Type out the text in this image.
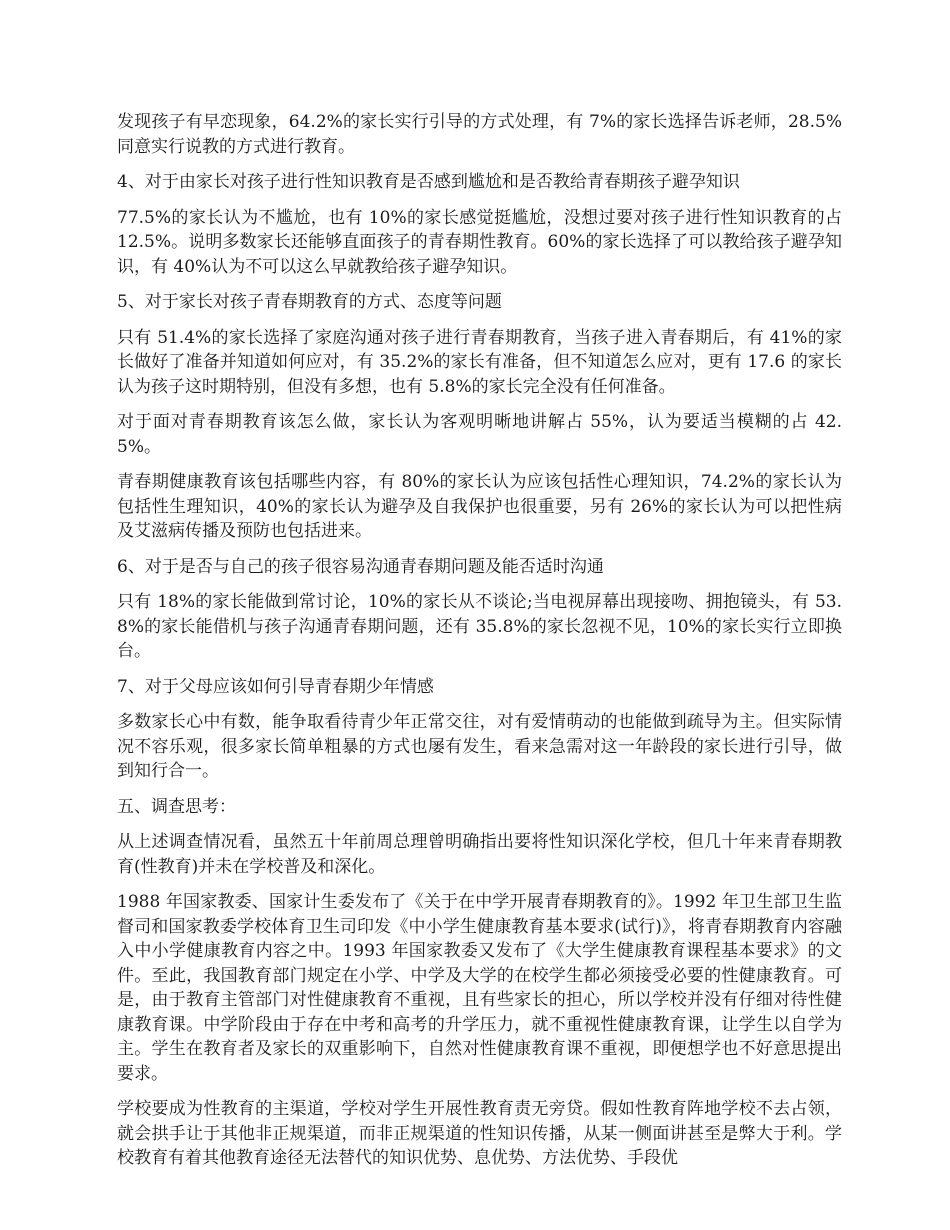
发现孩子有早恋现象，64.2%的家长实行引导的方式处理，有 7%的家长选择告诉老师，28.5%同意实行说教的方式进行教育。

4、对于由家长对孩子进行性知识教育是否感到尴尬和是否教给青春期孩子避孕知识

77.5%的家长认为不尴尬，也有 10%的家长感觉挺尴尬，没想过要对孩子进行性知识教育的占 12.5%。说明多数家长还能够直面孩子的青春期性教育。60%的家长选择了可以教给孩子避孕知识，有 40%认为不可以这么早就教给孩子避孕知识。

5、对于家长对孩子青春期教育的方式、态度等问题

只有 51.4%的家长选择了家庭沟通对孩子进行青春期教育，当孩子进入青春期后，有 41%的家长做好了准备并知道如何应对，有 35.2%的家长有准备，但不知道怎么应对，更有 17.6 的家长认为孩子这时期特别，但没有多想，也有 5.8%的家长完全没有任何准备。

对于面对青春期教育该怎么做，家长认为客观明晰地讲解占 55%，认为要适当模糊的占 42.5%。

青春期健康教育该包括哪些内容，有 80%的家长认为应该包括性心理知识，74.2%的家长认为包括性生理知识，40%的家长认为避孕及自我保护也很重要，另有 26%的家长认为可以把性病及艾滋病传播及预防也包括进来。

6、对于是否与自己的孩子很容易沟通青春期问题及能否适时沟通

只有 18%的家长能做到常讨论，10%的家长从不谈论;当电视屏幕出现接吻、拥抱镜头，有 53.8%的家长能借机与孩子沟通青春期问题，还有 35.8%的家长忽视不见，10%的家长实行立即换台。

7、对于父母应该如何引导青春期少年情感

多数家长心中有数，能争取看待青少年正常交往，对有爱情萌动的也能做到疏导为主。但实际情况不容乐观，很多家长简单粗暴的方式也屡有发生，看来急需对这一年龄段的家长进行引导，做到知行合一。

五、调查思考：

从上述调查情况看，虽然五十年前周总理曾明确指出要将性知识深化学校，但几十年来青春期教育(性教育)并未在学校普及和深化。

1988 年国家教委、国家计生委发布了《关于在中学开展青春期教育的》。1992 年卫生部卫生监督司和国家教委学校体育卫生司印发《中小学生健康教育基本要求(试行)》，将青春期教育内容融入中小学健康教育内容之中。1993 年国家教委又发布了《大学生健康教育课程基本要求》的文件。至此，我国教育部门规定在小学、中学及大学的在校学生都必须接受必要的性健康教育。可是，由于教育主管部门对性健康教育不重视，且有些家长的担心，所以学校并没有仔细对待性健康教育课。中学阶段由于存在中考和高考的升学压力，就不重视性健康教育课，让学生以自学为主。学生在教育者及家长的双重影响下，自然对性健康教育课不重视，即便想学也不好意思提出要求。

学校要成为性教育的主渠道，学校对学生开展性教育责无旁贷。假如性教育阵地学校不去占领，就会拱手让于其他非正规渠道，而非正规渠道的性知识传播，从某一侧面讲甚至是弊大于利。学校教育有着其他教育途径无法替代的知识优势、息优势、方法优势、手段优
